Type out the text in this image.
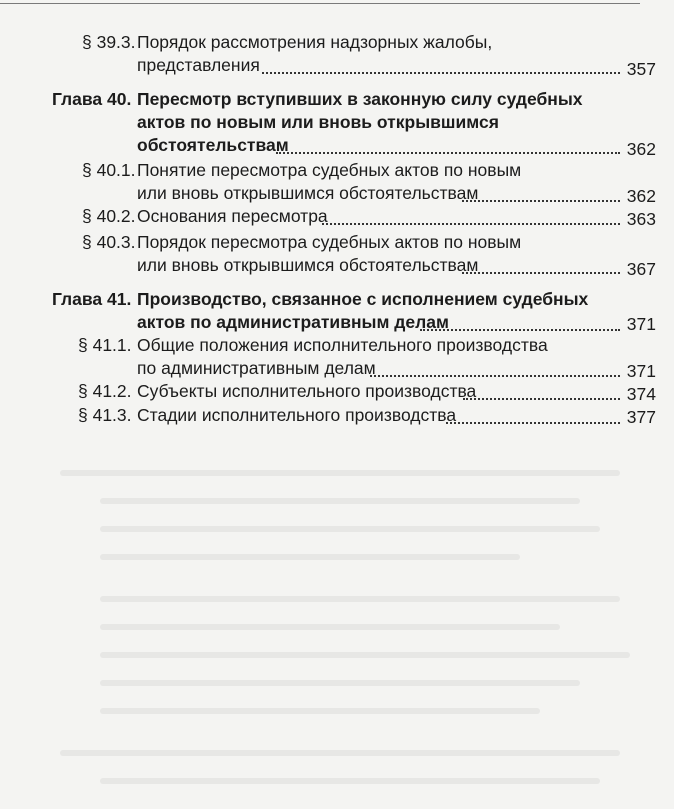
§ 39.3. Порядок рассмотрения надзорных жалобы,
представления	357
Глава 40. Пересмотр вступивших в законную силу судебных
актов по новым или вновь открывшимся
обстоятельствам	362
§ 40.1. Понятие пересмотра судебных актов по новым
или вновь открывшимся обстоятельствам	362
§ 40.2. Основания пересмотра	363
§ 40.3. Порядок пересмотра судебных актов по новым
или вновь открывшимся обстоятельствам	367
Глава 41. Производство, связанное с исполнением судебных
актов по административным делам	371
§ 41.1. Общие положения исполнительного производства
по административным делам	371
§ 41.2. Субъекты исполнительного производства	374
§ 41.3. Стадии исполнительного производства	377
